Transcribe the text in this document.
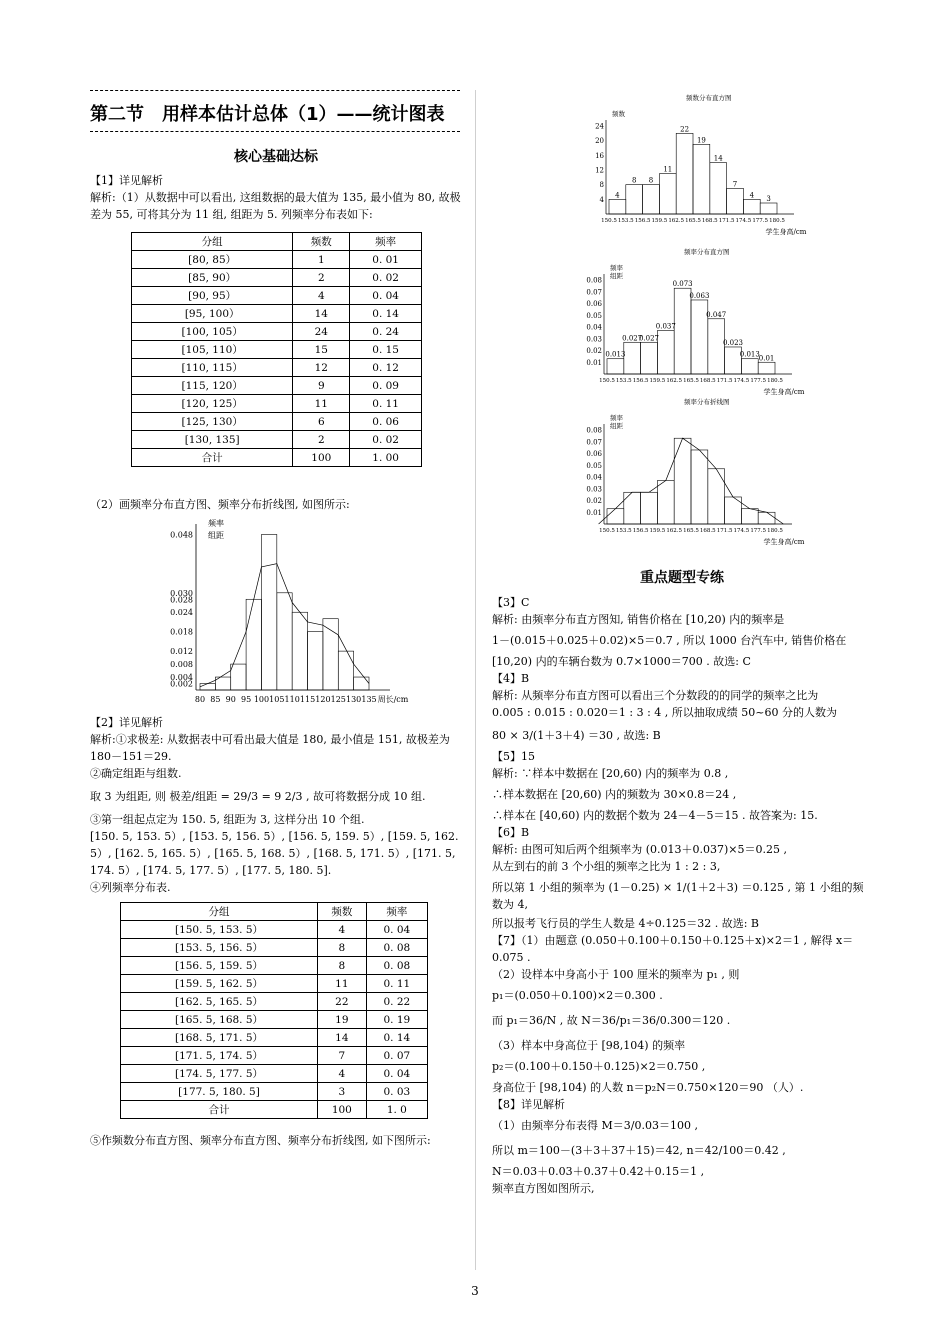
第二节　用样本估计总体（1）——统计图表
核心基础达标

【1】详见解析

解析:（1）从数据中可以看出, 这组数据的最大值为 135, 最小值为 80, 故极差为 55, 可将其分为 11 组, 组距为 5. 列频率分布表如下:

分组	频数	频率
[80, 85）	1	0. 01
[85, 90）	2	0. 02
[90, 95）	4	0. 04
[95, 100）	14	0. 14
[100, 105）	24	0. 24
[105, 110）	15	0. 15
[110, 115）	12	0. 12
[115, 120）	9	0. 09
[120, 125）	11	0. 11
[125, 130）	6	0. 06
[130, 135]	2	0. 02
合计	100	1. 00

（2）画频率分布直方图、频率分布折线图, 如图所示:

0.048
0.030
0.028
0.024
0.018
0.012
0.008
0.004
0.002
80 85 90 95 100 105 110 115 120 125 130 135 周长/cm
频率
组距

【2】详见解析

解析:①求极差: 从数据表中可看出最大值是 180, 最小值是 151, 故极差为 180－151＝29.

②确定组距与组数.

取 3 为组距, 则 极差/组距 = 29/3 = 9 2/3 , 故可将数据分成 10 组.

③第一组起点定为 150. 5, 组距为 3, 这样分出 10 个组.

[150. 5, 153. 5）, [153. 5, 156. 5）, [156. 5, 159. 5）, [159. 5, 162. 5）, [162. 5, 165. 5）, [165. 5, 168. 5）, [168. 5, 171. 5）, [171. 5, 174. 5）, [174. 5, 177. 5）, [177. 5, 180. 5].

④列频率分布表.

分组	频数	频率
[150. 5, 153. 5）	4	0. 04
[153. 5, 156. 5）	8	0. 08
[156. 5, 159. 5）	8	0. 08
[159. 5, 162. 5）	11	0. 11
[162. 5, 165. 5）	22	0. 22
[165. 5, 168. 5）	19	0. 19
[168. 5, 171. 5）	14	0. 14
[171. 5, 174. 5）	7	0. 07
[174. 5, 177. 5）	4	0. 04
[177. 5, 180. 5]	3	0. 03
合计	100	1. 0

⑤作频数分布直方图、频率分布直方图、频率分布折线图, 如下图所示:

频数分布直方图
24
20
16
12
8
4
频数
4
8 8
11
22
19
14
7
4 3
150.5 153.5 156.5 159.5 162.5 165.5 168.5 171.5 174.5 177.5 180.5
学生身高/cm
频率分布直方图
0.08
0.07
0.06
0.05
0.04
0.03
0.02
0.01
频率
组距
0.013
0.027
0.027
0.037
0.073
0.063
0.047
0.023
0.013
0.01
150.5 153.5 156.5 159.5 162.5 165.5 168.5 171.5 174.5 177.5 180.5
学生身高/cm
频率分布折线图
0.08
0.07
0.06
0.05
0.04
0.03
0.02
0.01
频率
组距
150.5 153.5 156.5 159.5 162.5 165.5 168.5 171.5 174.5 177.5 180.5
学生身高/cm
重点题型专练

【3】C

解析: 由频率分布直方图知, 销售价格在 [10,20) 内的频率是

1－(0.015＋0.025＋0.02)×5＝0.7 , 所以 1000 台汽车中, 销售价格在

[10,20) 内的车辆台数为 0.7×1000＝700 . 故选: C

【4】B

解析: 从频率分布直方图可以看出三个分数段的的同学的频率之比为

0.005 : 0.015 : 0.020＝1 : 3 : 4 , 所以抽取成绩 50~60 分的人数为

80 × 3/(1＋3＋4) ＝30 , 故选: B

【5】15

解析: ∵样本中数据在 [20,60) 内的频率为 0.8 ,

∴样本数据在 [20,60) 内的频数为 30×0.8＝24 ,

∴样本在 [40,60) 内的数据个数为 24－4－5＝15 . 故答案为: 15.

【6】B

解析: 由图可知后两个组频率为 (0.013＋0.037)×5＝0.25 ,

从左到右的前 3 个小组的频率之比为 1 : 2 : 3,

所以第 1 小组的频率为 (1－0.25) × 1/(1＋2＋3) ＝0.125 , 第 1 小组的频数为 4,

所以报考飞行员的学生人数是 4÷0.125＝32 . 故选: B

【7】（1）由题意 (0.050＋0.100＋0.150＋0.125＋x)×2＝1 , 解得 x＝0.075 .

（2）设样本中身高小于 100 厘米的频率为 p₁ , 则

p₁＝(0.050＋0.100)×2＝0.300 .

而 p₁＝36/N , 故 N＝36/p₁＝36/0.300＝120 .

（3）样本中身高位于 [98,104) 的频率

p₂＝(0.100＋0.150＋0.125)×2＝0.750 ,

身高位于 [98,104) 的人数 n＝p₂N＝0.750×120＝90 （人）.

【8】详见解析

（1）由频率分布表得 M＝3/0.03＝100 ,

所以 m＝100－(3＋3＋37＋15)＝42, n＝42/100＝0.42 ,

N＝0.03＋0.03＋0.37＋0.42＋0.15＝1 ,

频率直方图如图所示,

3
